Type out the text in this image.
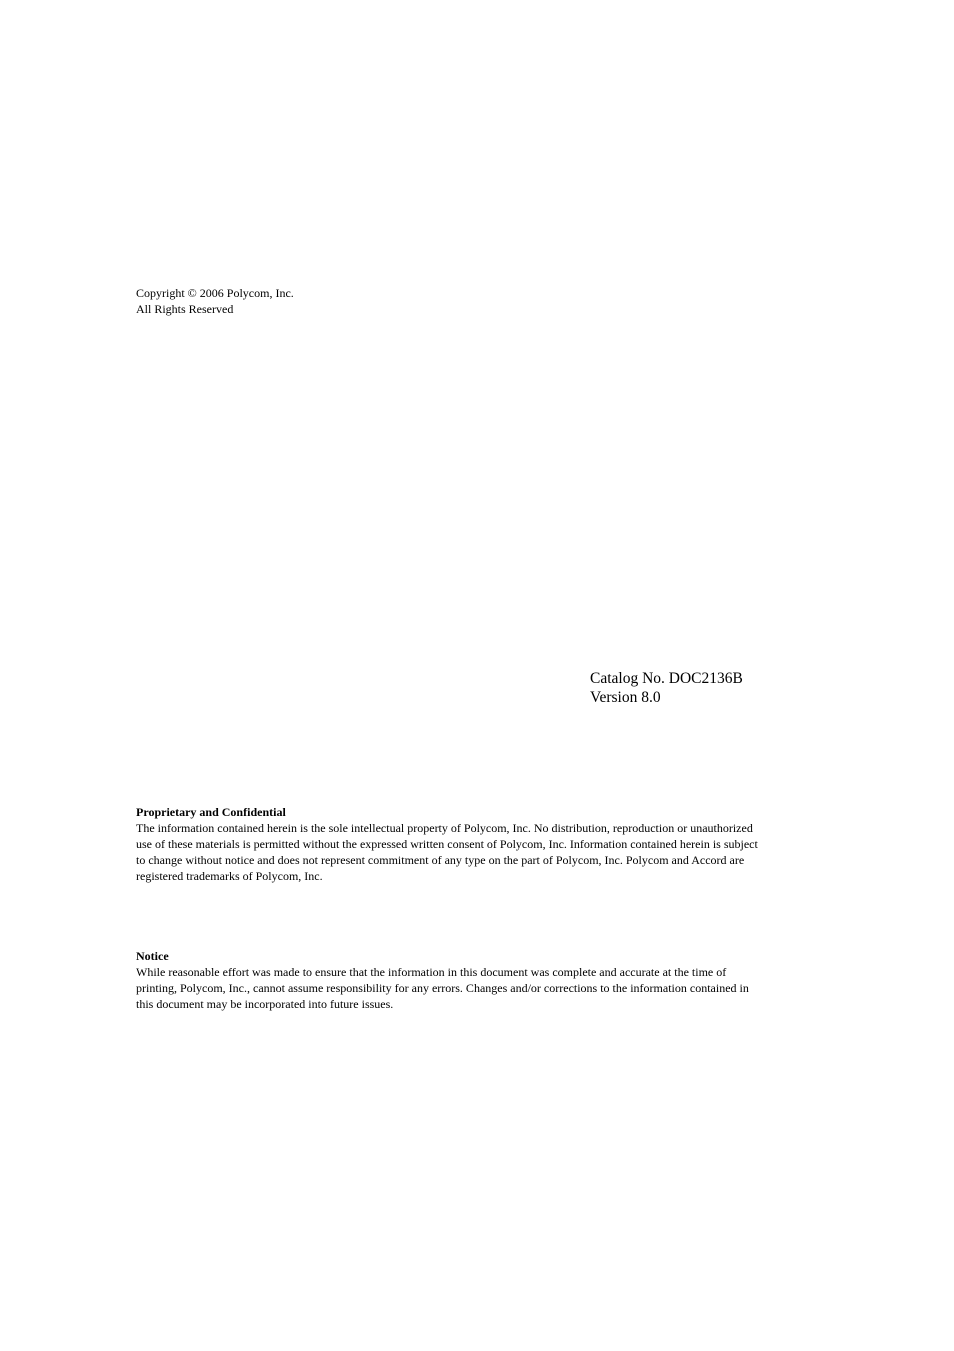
Copyright © 2006 Polycom, Inc.
All Rights Reserved
Catalog No. DOC2136B
Version 8.0
Proprietary and Confidential
The information contained herein is the sole intellectual property of Polycom, Inc. No distribution, reproduction or unauthorized
use of these materials is permitted without the expressed written consent of Polycom, Inc. Information contained herein is subject
to change without notice and does not represent commitment of any type on the part of Polycom, Inc. Polycom and Accord are
registered trademarks of Polycom, Inc.
Notice
While reasonable effort was made to ensure that the information in this document was complete and accurate at the time of
printing, Polycom, Inc., cannot assume responsibility for any errors. Changes and/or corrections to the information contained in
this document may be incorporated into future issues.
